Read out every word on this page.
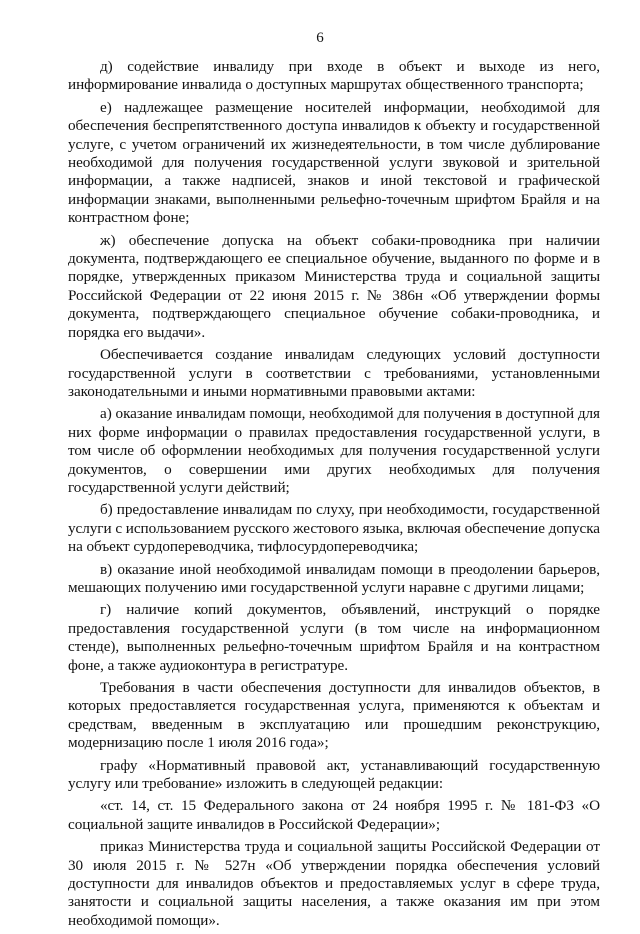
6

д) содействие инвалиду при входе в объект и выходе из него, информирование инвалида о доступных маршрутах общественного транспорта;

е) надлежащее размещение носителей информации, необходимой для обеспечения беспрепятственного доступа инвалидов к объекту и государственной услуге, с учетом ограничений их жизнедеятельности, в том числе дублирование необходимой для получения государственной услуги звуковой и зрительной информации, а также надписей, знаков и иной текстовой и графической информации знаками, выполненными рельефно-точечным шрифтом Брайля и на контрастном фоне;

ж) обеспечение допуска на объект собаки-проводника при наличии документа, подтверждающего ее специальное обучение, выданного по форме и в порядке, утвержденных приказом Министерства труда и социальной защиты Российской Федерации от 22 июня 2015 г. № 386н «Об утверждении формы документа, подтверждающего специальное обучение собаки-проводника, и порядка его выдачи».

Обеспечивается создание инвалидам следующих условий доступности государственной услуги в соответствии с требованиями, установленными законодательными и иными нормативными правовыми актами:

а) оказание инвалидам помощи, необходимой для получения в доступной для них форме информации о правилах предоставления государственной услуги, в том числе об оформлении необходимых для получения государственной услуги документов, о совершении ими других необходимых для получения государственной услуги действий;

б) предоставление инвалидам по слуху, при необходимости, государственной услуги с использованием русского жестового языка, включая обеспечение допуска на объект сурдопереводчика, тифлосурдопереводчика;

в) оказание иной необходимой инвалидам помощи в преодолении барьеров, мешающих получению ими государственной услуги наравне с другими лицами;

г) наличие копий документов, объявлений, инструкций о порядке предоставления государственной услуги (в том числе на информационном стенде), выполненных рельефно-точечным шрифтом Брайля и на контрастном фоне, а также аудиоконтура в регистратуре.

Требования в части обеспечения доступности для инвалидов объектов, в которых предоставляется государственная услуга, применяются к объектам и средствам, введенным в эксплуатацию или прошедшим реконструкцию, модернизацию после 1 июля 2016 года»;

графу «Нормативный правовой акт, устанавливающий государственную услугу или требование» изложить в следующей редакции:

«ст. 14, ст. 15 Федерального закона от 24 ноября 1995 г. № 181-ФЗ «О социальной защите инвалидов в Российской Федерации»;

приказ Министерства труда и социальной защиты Российской Федерации от 30 июля 2015 г. № 527н «Об утверждении порядка обеспечения условий доступности для инвалидов объектов и предоставляемых услуг в сфере труда, занятости и социальной защиты населения, а также оказания им при этом необходимой помощи».
